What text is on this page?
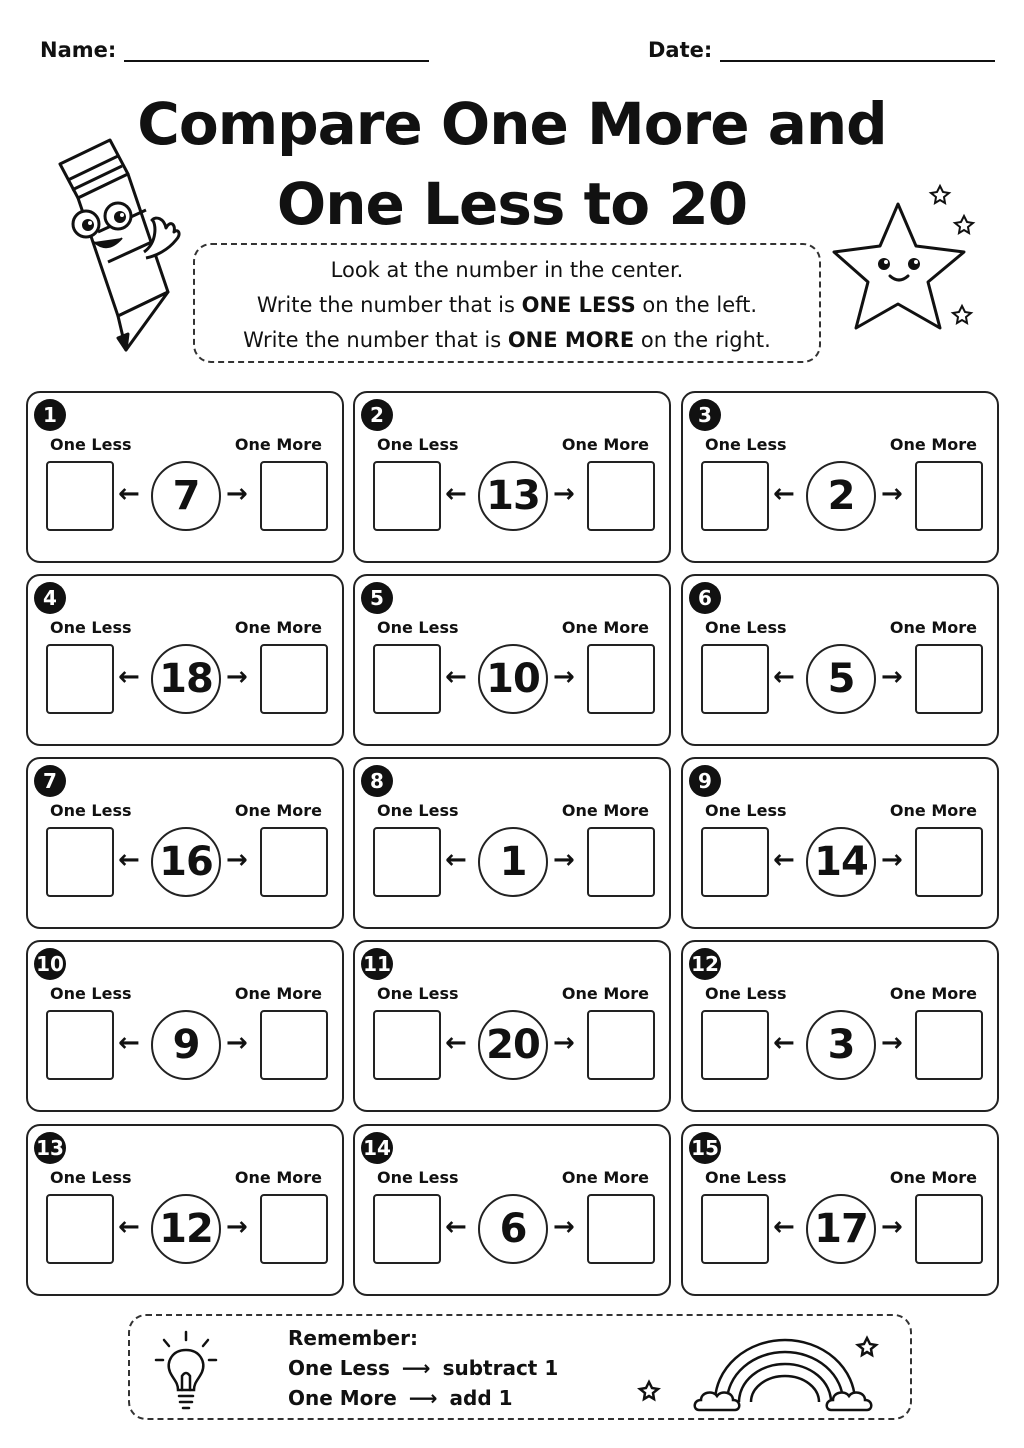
Name:	Date:
Compare One More and
One Less to 20
Look at the number in the center.
Write the number that is ONE LESS on the left.
Write the number that is ONE MORE on the right.
1
One Less	One More
← 7	→
2
One Less	One More
← 13 →
3
One Less	One More
← 2	→
4
One Less	One More
← 18 →
5
One Less	One More
← 10 →
6
One Less	One More
← 5	→
7
One Less	One More
← 16 →
8
One Less	One More
← 1	→
9
One Less	One More
← 14 →
10
One Less	One More
← 9	→
11
One Less	One More
← 20 →
12
One Less	One More
← 3	→
13
One Less	One More
← 12 →
14
One Less	One More
← 6	→
15
One Less	One More
← 17 →
Remember:
One Less ⟶ subtract 1
One More ⟶ add 1
